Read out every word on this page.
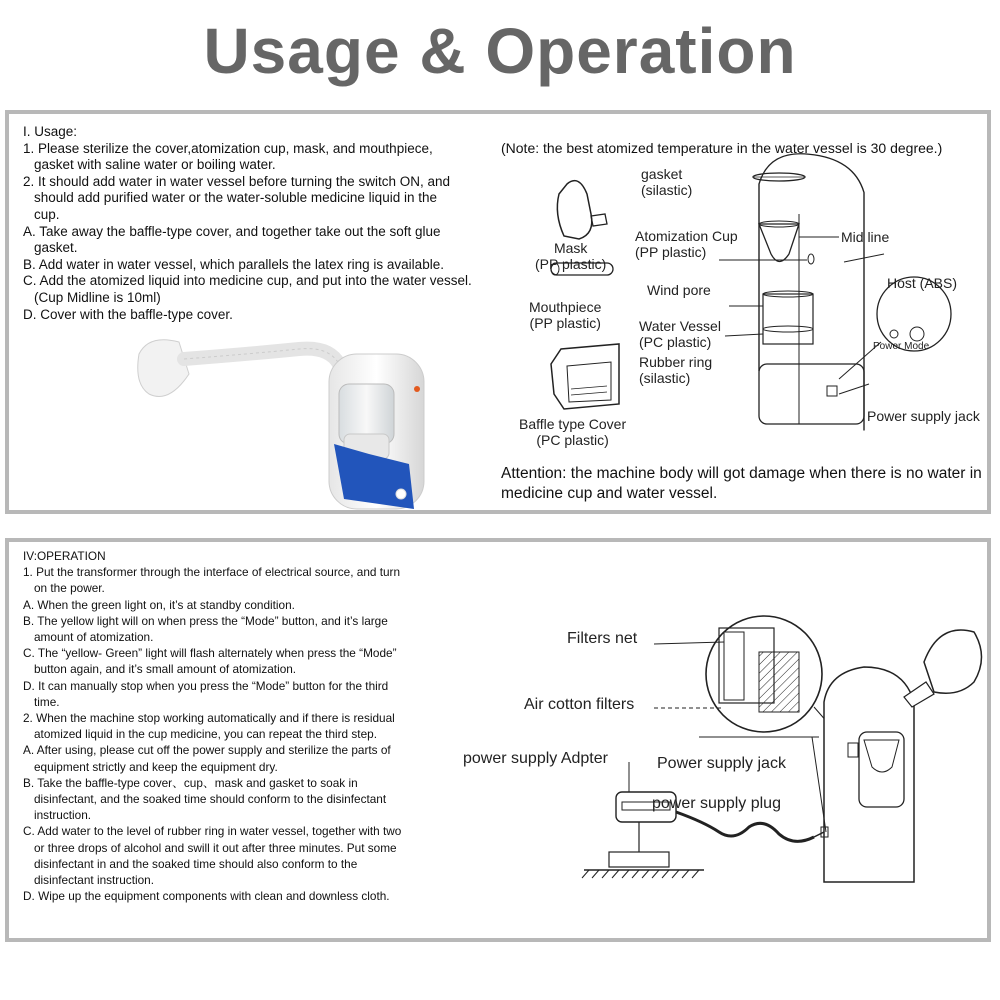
Usage & Operation
I. Usage:
1. Please sterilize the cover,atomization cup, mask, and mouthpiece,
gasket with saline water or boiling water.
2. It should add water in water vessel before turning the switch ON, and
should add purified water or the water-soluble medicine liquid in the
cup.
A. Take away the baffle-type cover, and together take out the soft glue
gasket.
B. Add water in water vessel, which parallels the latex ring is available.
C. Add the atomized liquid into medicine cup, and put into the water vessel.
(Cup Midline is 10ml)
D. Cover with the baffle-type cover.
(Note: the best atomized temperature in the water vessel is 30 degree.)
gasket
(silastic)
Mask
(PP plastic)
Atomization Cup
(PP plastic)
Mid line
Host (ABS)
Wind pore
Mouthpiece
(PP plastic)	Water Vessel
(PC plastic)
Rubber ring
(silastic)
Power Mode
Power supply jack
Baffle type Cover
(PC plastic)
Attention: the machine body will got damage when there is no water in
medicine cup and water vessel.
IV:OPERATION
1. Put the transformer through the interface of electrical source, and turn
on the power.
A. When the green light on, it’s at standby condition.
B. The yellow light will on when press the “Mode” button, and it’s large
amount of atomization.
C. The “yellow- Green” light will flash alternately when press the “Mode”
button again, and it’s small amount of atomization.
D. It can manually stop when you press the “Mode” button for the third
time.
2. When the machine stop working automatically and if there is residual
atomized liquid in the cup medicine, you can repeat the third step.
A. After using, please cut off the power supply and sterilize the parts of
equipment strictly and keep the equipment dry.
B. Take the baffle-type cover、cup、mask and gasket to soak in
disinfectant, and the soaked time should conform to the disinfectant
instruction.
C. Add water to the level of rubber ring in water vessel, together with two
or three drops of alcohol and swill it out after three minutes. Put some
disinfectant in and the soaked time should also conform to the
disinfectant instruction.
D. Wipe up the equipment components with clean and downless cloth.
Filters net
Air cotton filters
power supply Adpter	Power supply jack
power supply plug
